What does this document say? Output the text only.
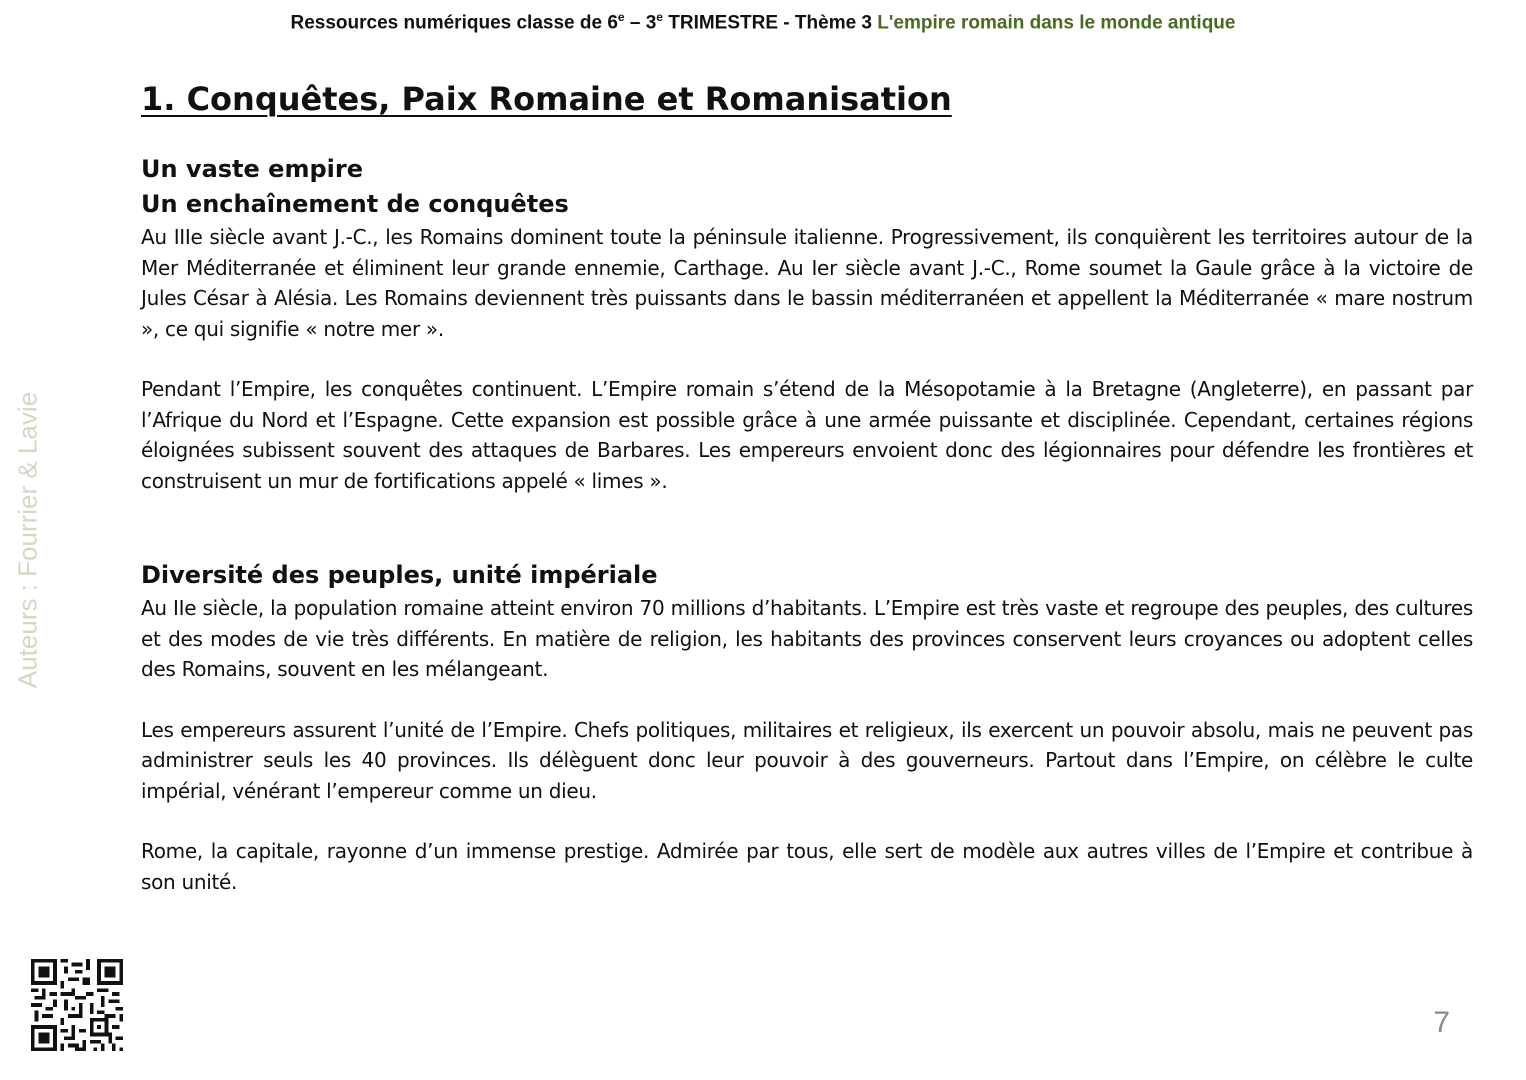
Ressources numériques classe de 6e – 3e TRIMESTRE - Thème 3 L'empire romain dans le monde antique
1. Conquêtes, Paix Romaine et Romanisation
Un vaste empire
Un enchaînement de conquêtes

Au IIIe siècle avant J.-C., les Romains dominent toute la péninsule italienne. Progressivement, ils conquièrent les territoires autour de la Mer Méditerranée et éliminent leur grande ennemie, Carthage. Au Ier siècle avant J.-C., Rome soumet la Gaule grâce à la victoire de Jules César à Alésia. Les Romains deviennent très puissants dans le bassin méditerranéen et appellent la Méditerranée « mare nostrum », ce qui signifie « notre mer ».

Pendant l’Empire, les conquêtes continuent. L’Empire romain s’étend de la Mésopotamie à la Bretagne (Angleterre), en passant par l’Afrique du Nord et l’Espagne. Cette expansion est possible grâce à une armée puissante et disciplinée. Cependant, certaines régions éloignées subissent souvent des attaques de Barbares. Les empereurs envoient donc des légionnaires pour défendre les frontières et construisent un mur de fortifications appelé « limes ».

Diversité des peuples, unité impériale

Au IIe siècle, la population romaine atteint environ 70 millions d’habitants. L’Empire est très vaste et regroupe des peuples, des cultures et des modes de vie très différents. En matière de religion, les habitants des provinces conservent leurs croyances ou adoptent celles des Romains, souvent en les mélangeant.

Les empereurs assurent l’unité de l’Empire. Chefs politiques, militaires et religieux, ils exercent un pouvoir absolu, mais ne peuvent pas administrer seuls les 40 provinces. Ils délèguent donc leur pouvoir à des gouverneurs. Partout dans l’Empire, on célèbre le culte impérial, vénérant l’empereur comme un dieu.

Rome, la capitale, rayonne d’un immense prestige. Admirée par tous, elle sert de modèle aux autres villes de l’Empire et contribue à son unité.

Auteurs : Fourrier & Lavie
7
